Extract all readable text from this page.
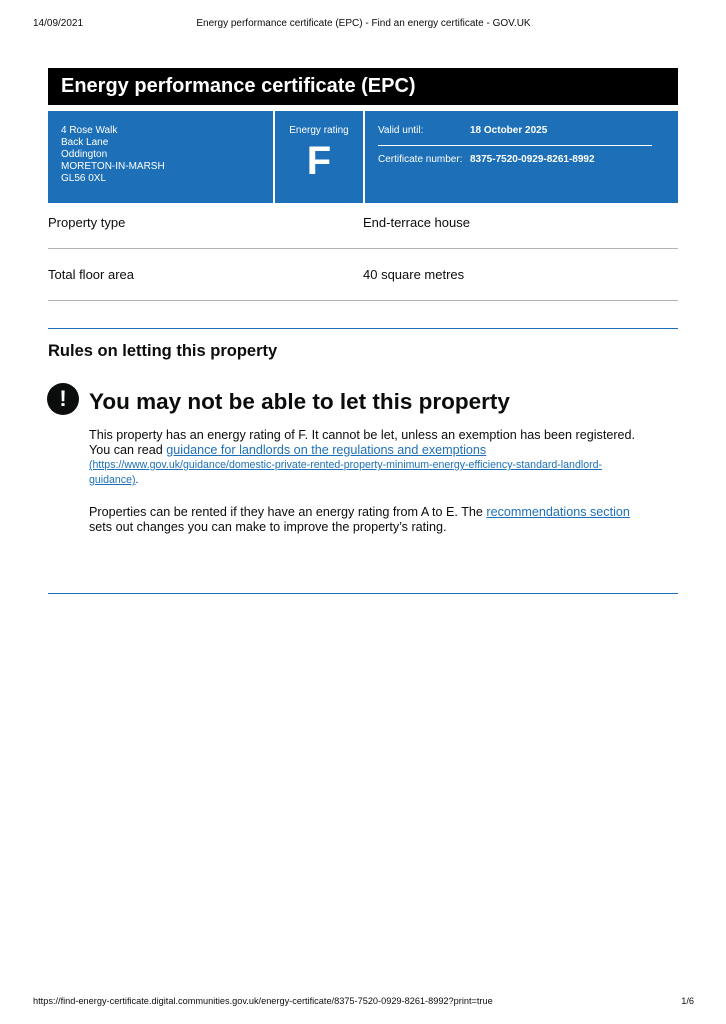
Energy performance certificate (EPC) - Find an energy certificate - GOV.UK
14/09/2021
Energy performance certificate (EPC)
4 Rose Walk
Back Lane
Oddington
MORETON-IN-MARSH
GL56 0XL
Energy rating
F
Valid until:	18 October 2025
Certificate number: 8375-7520-0929-8261-8992
Property type	End-terrace house
Total floor area	40 square metres
Rules on letting this property
! You may not be able to let this property
This property has an energy rating of F. It cannot be let, unless an exemption has been registered.
You can read guidance for landlords on the regulations and exemptions
(https://www.gov.uk/guidance/domestic-private-rented-property-minimum-energy-efficiency-standard-landlord-
guidance).
Properties can be rented if they have an energy rating from A to E. The recommendations section
sets out changes you can make to improve the property’s rating.
https://find-energy-certificate.digital.communities.gov.uk/energy-certificate/8375-7520-0929-8261-8992?print=true	1/6
